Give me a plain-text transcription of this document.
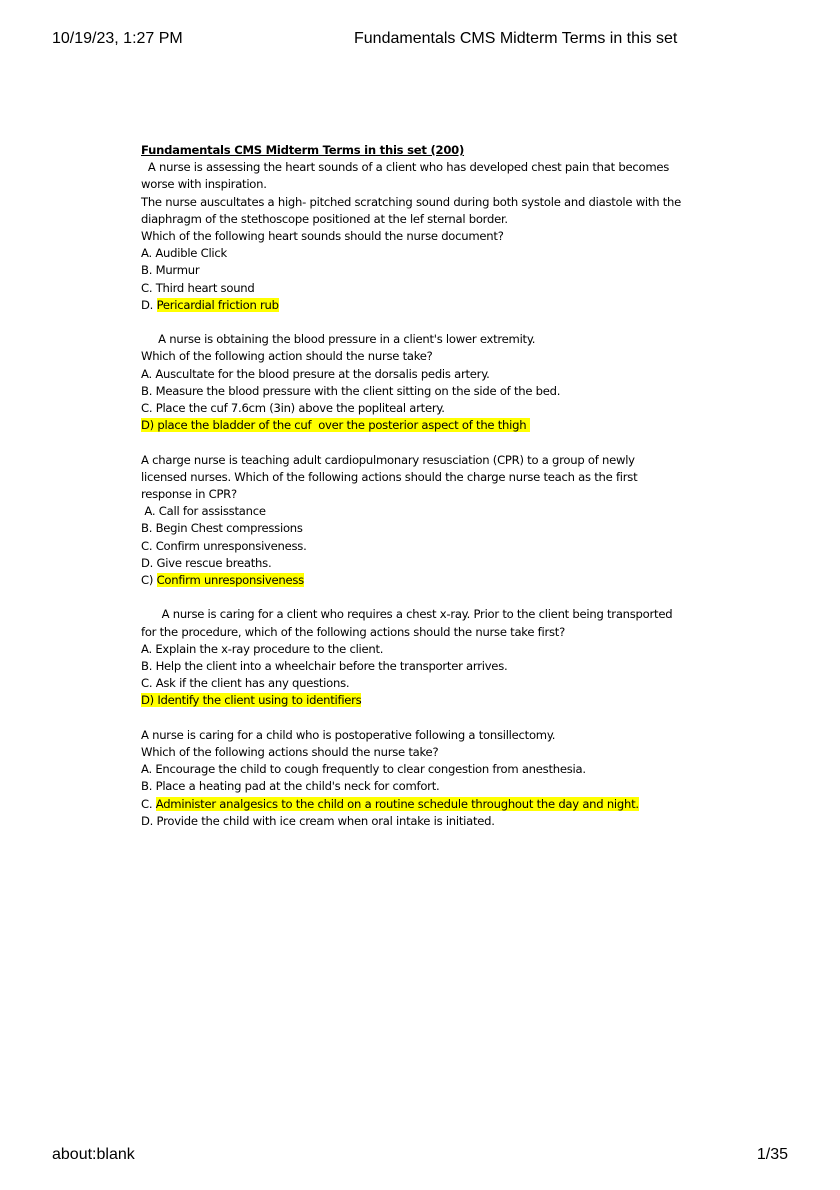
10/19/23, 1:27 PM	Fundamentals CMS Midterm Terms in this set
Fundamentals CMS Midterm Terms in this set (200)
A nurse is assessing the heart sounds of a client who has developed chest pain that becomes
worse with inspiration.
The nurse auscultates a high- pitched scratching sound during both systole and diastole with the
diaphragm of the stethoscope positioned at the lef sternal border.
Which of the following heart sounds should the nurse document?
A. Audible Click
B. Murmur
C. Third heart sound
D. Pericardial friction rub
A nurse is obtaining the blood pressure in a client's lower extremity.
Which of the following action should the nurse take?
A. Auscultate for the blood presure at the dorsalis pedis artery.
B. Measure the blood pressure with the client sitting on the side of the bed.
C. Place the cuf 7.6cm (3in) above the popliteal artery.
D) place the bladder of the cuf  over the posterior aspect of the thigh
A charge nurse is teaching adult cardiopulmonary resusciation (CPR) to a group of newly
licensed nurses. Which of the following actions should the charge nurse teach as the first
response in CPR?
A. Call for assisstance
B. Begin Chest compressions
C. Confirm unresponsiveness.
D. Give rescue breaths.
C) Confirm unresponsiveness
A nurse is caring for a client who requires a chest x-ray. Prior to the client being transported
for the procedure, which of the following actions should the nurse take first?
A. Explain the x-ray procedure to the client.
B. Help the client into a wheelchair before the transporter arrives.
C. Ask if the client has any questions.
D) Identify the client using to identifiers
A nurse is caring for a child who is postoperative following a tonsillectomy.
Which of the following actions should the nurse take?
A. Encourage the child to cough frequently to clear congestion from anesthesia.
B. Place a heating pad at the child's neck for comfort.
C. Administer analgesics to the child on a routine schedule throughout the day and night.
D. Provide the child with ice cream when oral intake is initiated.
about:blank	1/35
